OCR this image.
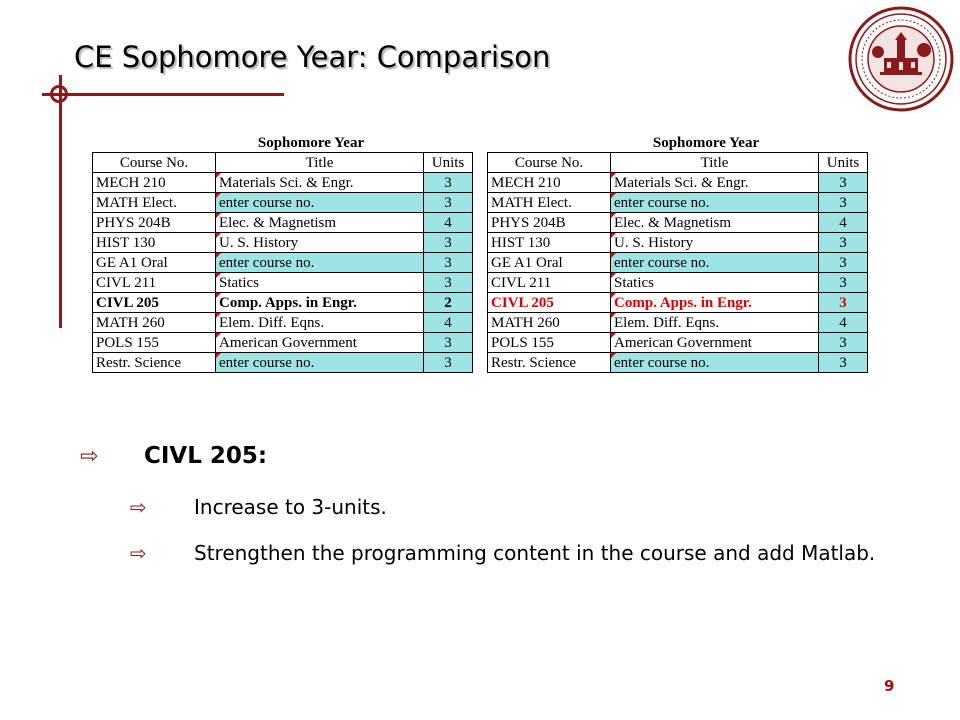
CE Sophomore Year: Comparison
Sophomore Year
Course No.	Title	Units
MECH 210	Materials Sci. & Engr.	3
MATH Elect.	enter course no.	3
PHYS 204B	Elec. & Magnetism	4
HIST 130	U. S. History	3
GE A1 Oral	enter course no.	3
CIVL 211	Statics	3
CIVL 205	Comp. Apps. in Engr.	2
MATH 260	Elem. Diff. Eqns.	4
POLS 155	American Government	3
Restr. Science	enter course no.	3
Sophomore Year
Course No.	Title	Units
MECH 210	Materials Sci. & Engr.	3
MATH Elect.	enter course no.	3
PHYS 204B	Elec. & Magnetism	4
HIST 130	U. S. History	3
GE A1 Oral	enter course no.	3
CIVL 211	Statics	3
CIVL 205	Comp. Apps. in Engr.	3
MATH 260	Elem. Diff. Eqns.	4
POLS 155	American Government	3
Restr. Science	enter course no.	3
⇨	CIVL 205:
⇨	Increase to 3-units.
⇨	Strengthen the programming content in the course and add Matlab.
9
